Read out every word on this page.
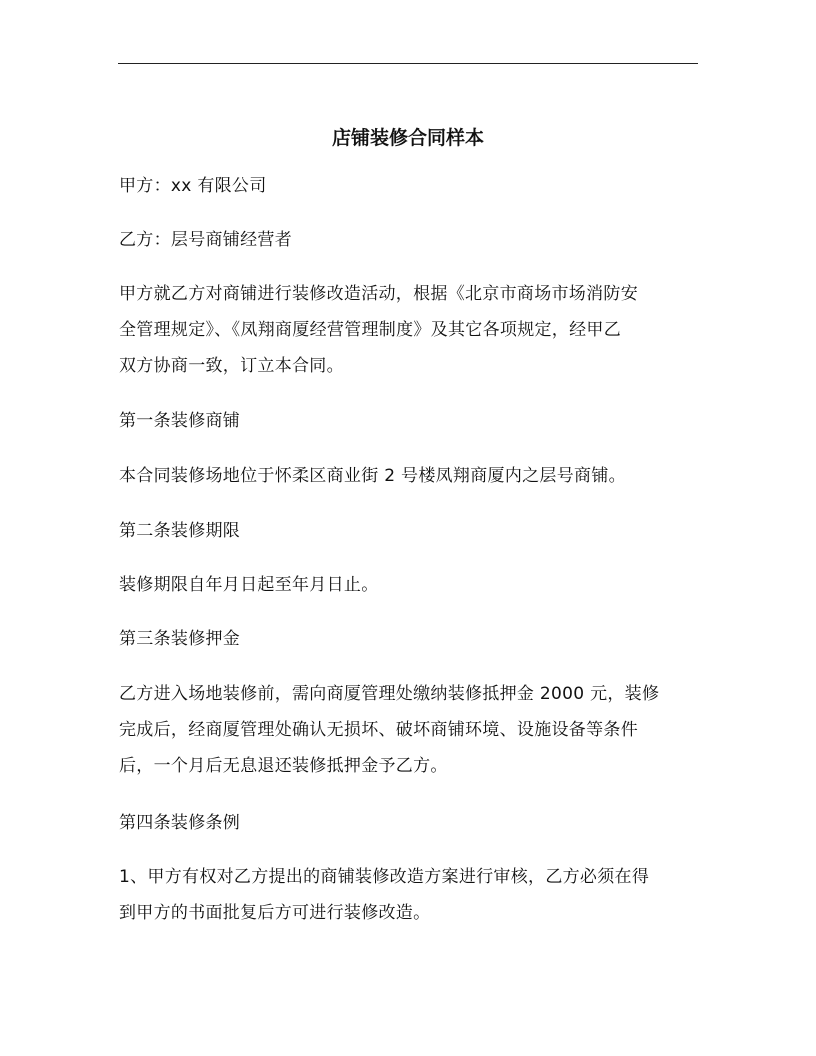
店铺装修合同样本

甲方：xx 有限公司

乙方：层号商铺经营者

甲方就乙方对商铺进行装修改造活动，根据《北京市商场市场消防安
全管理规定》、《凤翔商厦经营管理制度》及其它各项规定，经甲乙
双方协商一致，订立本合同。

第一条装修商铺

本合同装修场地位于怀柔区商业街 2 号楼凤翔商厦内之层号商铺。

第二条装修期限

装修期限自年月日起至年月日止。

第三条装修押金

乙方进入场地装修前，需向商厦管理处缴纳装修抵押金 2000 元，装修
完成后，经商厦管理处确认无损坏、破坏商铺环境、设施设备等条件
后，一个月后无息退还装修抵押金予乙方。

第四条装修条例

1、甲方有权对乙方提出的商铺装修改造方案进行审核，乙方必须在得
到甲方的书面批复后方可进行装修改造。
